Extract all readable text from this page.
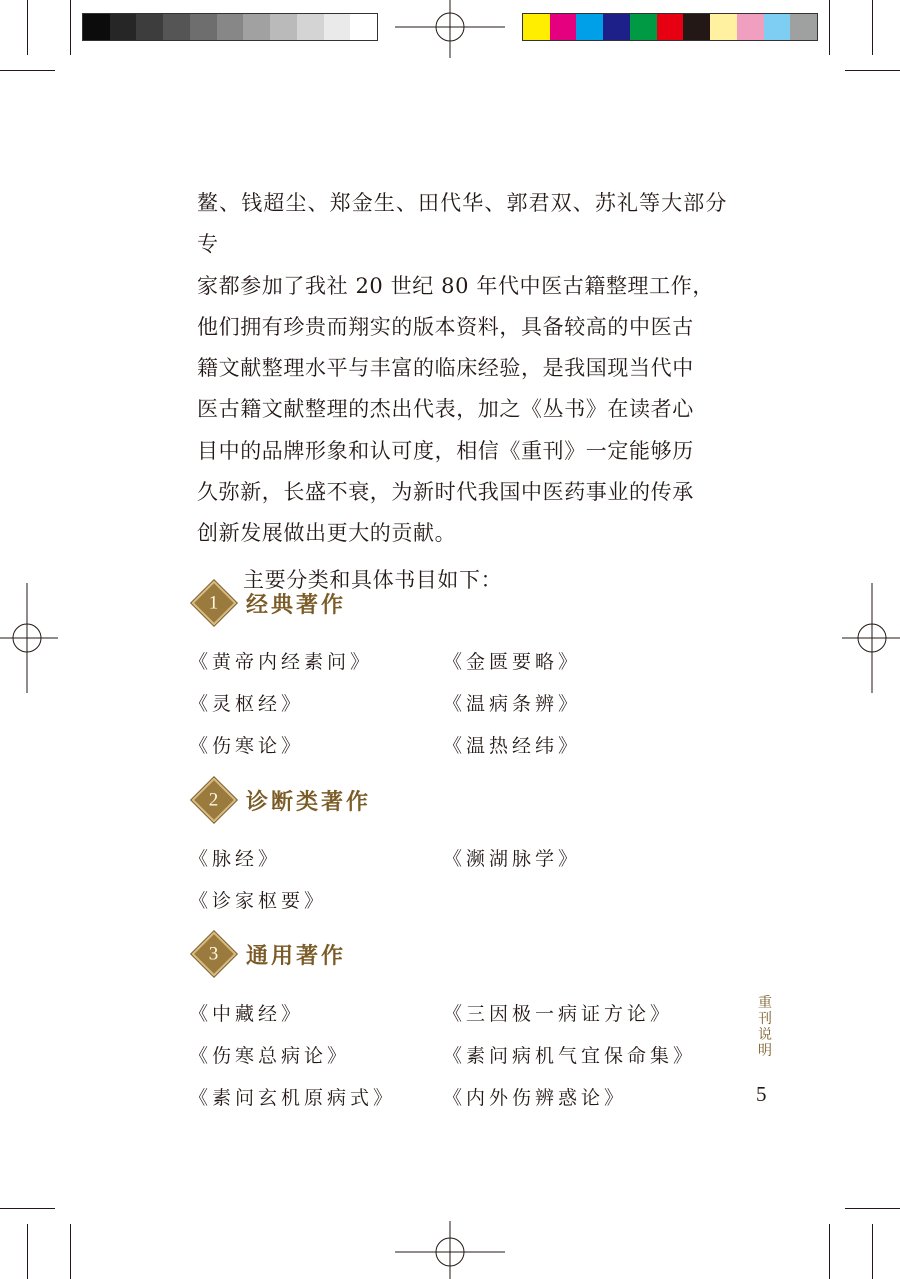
鳌、钱超尘、郑金生、田代华、郭君双、苏礼等大部分专

家都参加了我社 20 世纪 80 年代中医古籍整理工作，

他们拥有珍贵而翔实的版本资料，具备较高的中医古

籍文献整理水平与丰富的临床经验，是我国现当代中

医古籍文献整理的杰出代表，加之《丛书》在读者心

目中的品牌形象和认可度，相信《重刊》一定能够历

久弥新，长盛不衰，为新时代我国中医药事业的传承

创新发展做出更大的贡献。

主要分类和具体书目如下：

1 经典著作
《黄帝内经素问》	《金匮要略》
《灵枢经》	《温病条辨》
《伤寒论》	《温热经纬》
2 诊断类著作
《脉经》	《濒湖脉学》
《诊家枢要》
3 通用著作
《中藏经》	《三因极一病证方论》
《伤寒总病论》	《素问病机气宜保命集》
《素问玄机原病式》 《内外伤辨惑论》
重
刊
说
明
5
